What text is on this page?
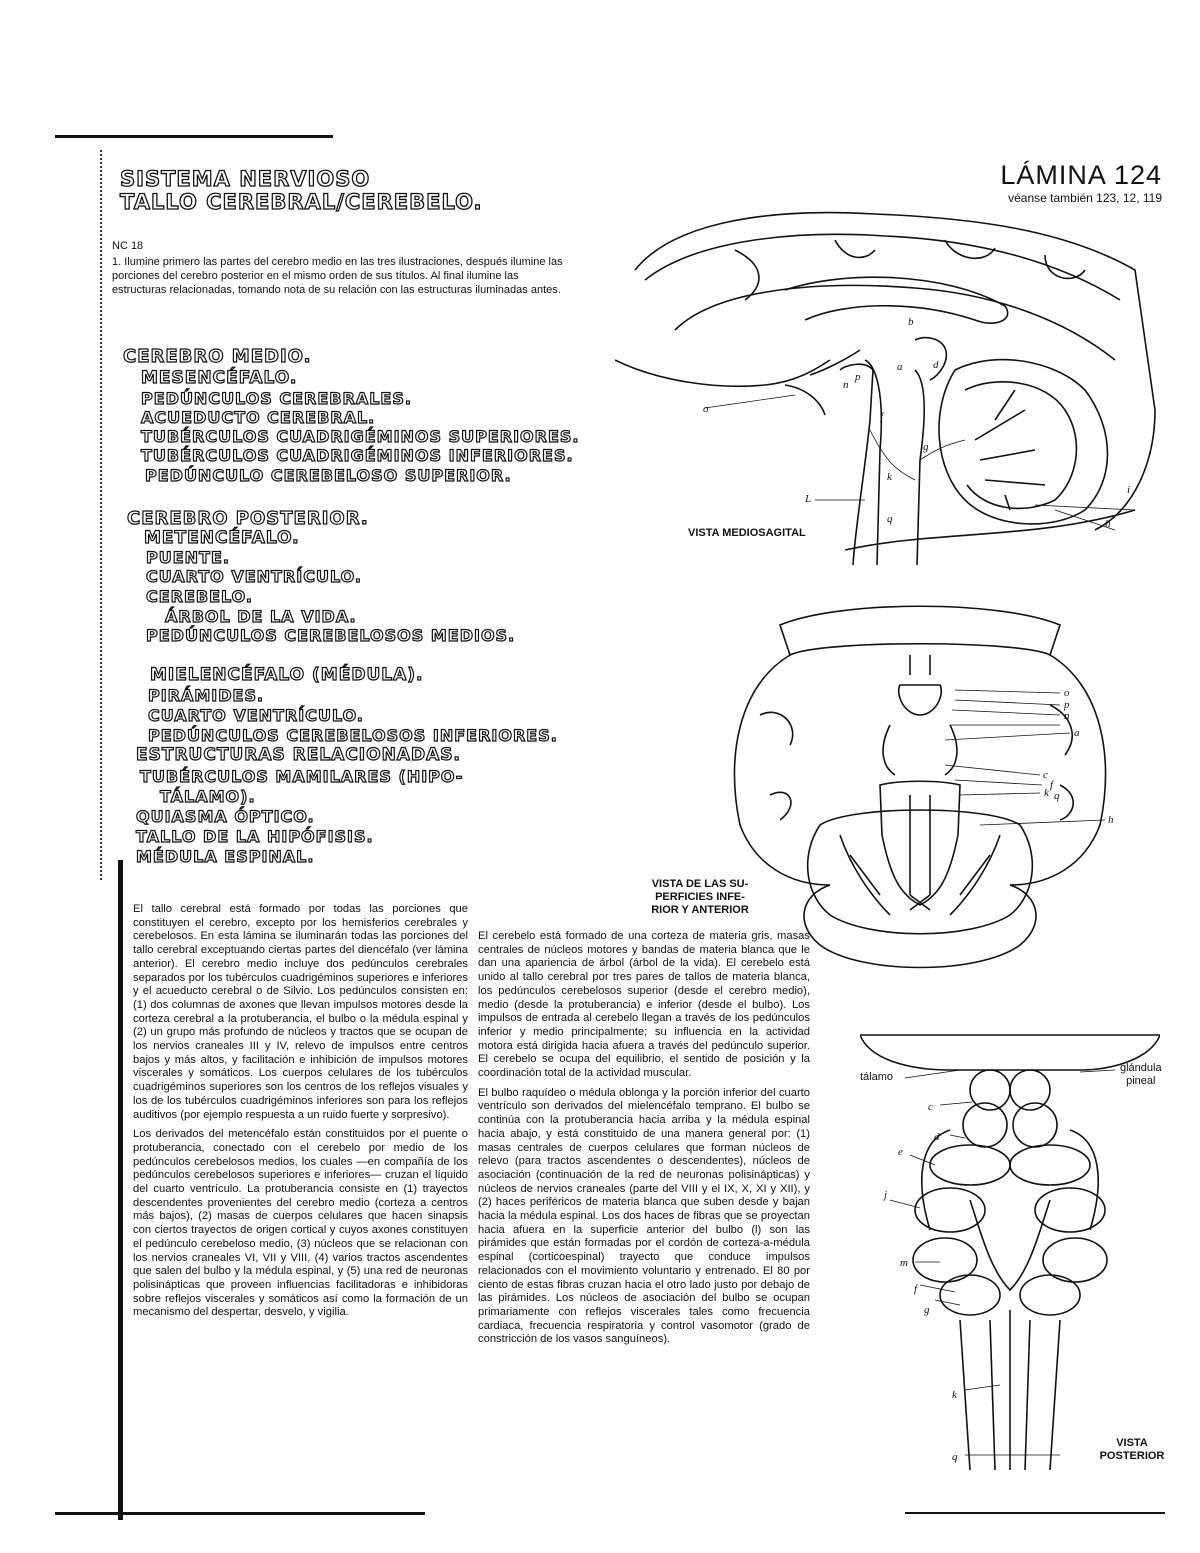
SISTEMA NERVIOSO
TALLO CEREBRAL/CEREBELO.
LÁMINA 124
véanse también 123, 12, 119
NC 18
1. Ilumine primero las partes del cerebro medio en las tres ilustraciones, después ilumine las porciones del cerebro posterior en el mismo orden de sus títulos. Al final ilumine las estructuras relacionadas, tomando nota de su relación con las estructuras iluminadas antes.
CEREBRO MEDIO.
MESENCÉFALO.
PEDÚNCULOS CEREBRALES.
ACUEDUCTO CEREBRAL.
TUBÉRCULOS CUADRIGÉMINOS SUPERIORES.
TUBÉRCULOS CUADRIGÉMINOS INFERIORES.
PEDÚNCULO CEREBELOSO SUPERIOR.
CEREBRO POSTERIOR.
METENCÉFALO.
PUENTE.
CUARTO VENTRÍCULO.
CEREBELO.
ÁRBOL DE LA VIDA.
PEDÚNCULOS CEREBELOSOS MEDIOS.
MIELENCÉFALO (MÉDULA).
PIRÁMIDES.
CUARTO VENTRÍCULO.
PEDÚNCULOS CEREBELOSOS INFERIORES.
ESTRUCTURAS RELACIONADAS.
TUBÉRCULOS MAMILARES (HIPO-
TÁLAMO).
QUIASMA ÓPTICO.
TALLO DE LA HIPÓFISIS.
MÉDULA ESPINAL.

El tallo cerebral está formado por todas las porciones que constituyen el cerebro, excepto por los hemisferios cerebrales y cerebelosos. En esta lámina se iluminarán todas las porciones del tallo cerebral exceptuando ciertas partes del diencéfalo (ver lámina anterior). El cerebro medio incluye dos pedúnculos cerebrales separados por los tubérculos cuadrigéminos superiores e inferiores y el acueducto cerebral o de Silvio. Los pedúnculos consisten en: (1) dos columnas de axones que llevan impulsos motores desde la corteza cerebral a la protuberancia, el bulbo o la médula espinal y (2) un grupo más profundo de núcleos y tractos que se ocupan de los nervios craneales III y IV, relevo de impulsos entre centros bajos y más altos, y facilitación e inhibición de impulsos motores viscerales y somáticos. Los cuerpos celulares de los tubérculos cuadrigéminos superiores son los centros de los reflejos visuales y los de los tubérculos cuadrigéminos inferiores son para los reflejos auditivos (por ejemplo respuesta a un ruido fuerte y sorpresivo).

Los derivados del metencéfalo están constituidos por el puente o protuberancia, conectado con el cerebelo por medio de los pedúnculos cerebelosos medios, los cuales —en compañía de los pedúnculos cerebelosos superiores e inferiores— cruzan el líquido del cuarto ventrículo. La protuberancia consiste en (1) trayectos descendentes provenientes del cerebro medio (corteza a centros más bajos), (2) masas de cuerpos celulares que hacen sinapsis con ciertos trayectos de origen cortical y cuyos axones constituyen el pedúnculo cerebeloso medio, (3) núcleos que se relacionan con los nervios craneales VI, VII y VIII, (4) varios tractos ascendentes que salen del bulbo y la médula espinal, y (5) una red de neuronas polisinápticas que proveen influencias facilitadoras e inhibidoras sobre reflejos viscerales y somáticos así como la formación de un mecanismo del despertar, desvelo, y vigilia.

El cerebelo está formado de una corteza de materia gris, masas centrales de núcleos motores y bandas de materia blanca que le dan una apariencia de árbol (árbol de la vida). El cerebelo está unido al tallo cerebral por tres pares de tallos de materia blanca, los pedúnculos cerebelosos superior (desde el cerebro medio), medio (desde la protuberancia) e inferior (desde el bulbo). Los impulsos de entrada al cerebelo llegan a través de los pedúnculos inferior y medio principalmente; su influencia en la actividad motora está dirigida hacia afuera a través del pedúnculo superior. El cerebelo se ocupa del equilibrio, el sentido de posición y la coordinación total de la actividad muscular.

El bulbo raquídeo o médula oblonga y la porción inferior del cuarto ventrículo son derivados del mielencéfalo temprano. El bulbo se continúa con la protuberancia hacia arriba y la médula espinal hacia abajo, y está constituido de una manera general por: (1) masas centrales de cuerpos celulares que forman núcleos de relevo (para tractos ascendentes o descendentes), núcleos de asociación (continuación de la red de neuronas polisinápticas) y núcleos de nervios craneales (parte del VIII y el IX, X, XI y XII), y (2) haces periféricos de materia blanca que suben desde y bajan hacia la médula espinal. Los dos haces de fibras que se proyectan hacia afuera en la superficie anterior del bulbo (l) son las pirámides que están formadas por el cordón de corteza-a-médula espinal (corticoespinal) trayecto que conduce impulsos relacionados con el movimiento voluntario y entrenado. El 80 por ciento de estas fibras cruzan hacia el otro lado justo por debajo de las pirámides. Los núcleos de asociación del bulbo se ocupan primariamente con reflejos viscerales tales como frecuencia cardiaca, frecuencia respiratoria y control vasomotor (grado de constricción de los vasos sanguíneos).

b
a	d
p
n
o
f
g
k
L
q
i
h
VISTA MEDIOSAGITAL
o
p
n
a
c
f
k q
h
VISTA DE LAS SU-
PERFICIES INFE-
RIOR Y ANTERIOR
c
d
e
j
m
f
g
k
q
tálamo
glándula
pineal
VISTA
POSTERIOR
